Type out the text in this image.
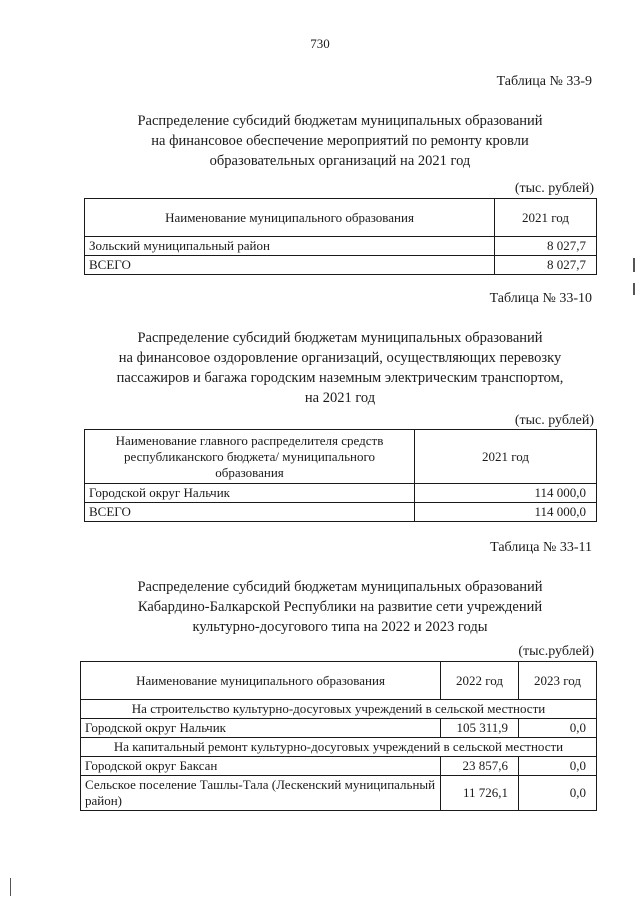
730
Таблица № 33-9
Распределение субсидий бюджетам муниципальных образований
на финансовое обеспечение мероприятий по ремонту кровли
образовательных организаций на 2021 год
(тыс. рублей)
Наименование муниципального образования	2021 год
Зольский муниципальный район	8 027,7
ВСЕГО	8 027,7
Таблица № 33-10
Распределение субсидий бюджетам муниципальных образований
на финансовое оздоровление организаций, осуществляющих перевозку
пассажиров и багажа городским наземным электрическим транспортом,
на 2021 год
(тыс. рублей)
Наименование главного распределителя средств республиканского бюджета/ муниципального образования	2021 год
Городской округ Нальчик	114 000,0
ВСЕГО	114 000,0
Таблица № 33-11
Распределение субсидий бюджетам муниципальных образований
Кабардино-Балкарской Республики на развитие сети учреждений
культурно-досугового типа на 2022 и 2023 годы
(тыс.рублей)
Наименование муниципального образования	2022 год	2023 год
На строительство культурно-досуговых учреждений в сельской местности		
Городской округ Нальчик	105 311,9	0,0
На капитальный ремонт культурно-досуговых учреждений в сельской местности		
Городской округ Баксан	23 857,6	0,0
Сельское поселение Ташлы-Тала (Лескенский муниципальный район)	11 726,1	0,0
